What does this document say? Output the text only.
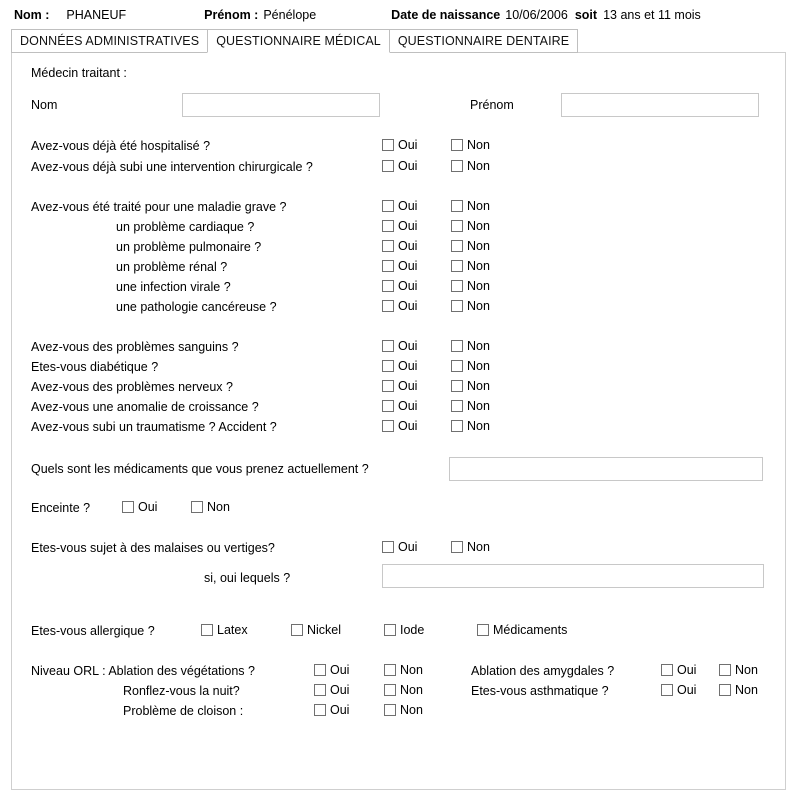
Nom : PHANEUF	Prénom : Pénélope	Date de naissance 10/06/2006 soit 13 ans et 11 mois
DONNÉES ADMINISTRATIVES QUESTIONNAIRE MÉDICAL QUESTIONNAIRE DENTAIRE
Médecin traitant :
Nom	Prénom
Avez-vous déjà été hospitalisé ?	Oui	Non
Avez-vous déjà subi une intervention chirurgicale ?	Oui	Non
Avez-vous été traité pour une maladie grave ?	Oui	Non
un problème cardiaque ?	Oui	Non
un problème pulmonaire ?	Oui	Non
un problème rénal ?	Oui	Non
une infection virale ?	Oui	Non
une pathologie cancéreuse ?	Oui	Non
Avez-vous des problèmes sanguins ?	Oui	Non
Etes-vous diabétique ?	Oui	Non
Avez-vous des problèmes nerveux ?	Oui	Non
Avez-vous une anomalie de croissance ?	Oui	Non
Avez-vous subi un traumatisme ? Accident ?	Oui	Non
Quels sont les médicaments que vous prenez actuellement ?
Enceinte ?	Oui	Non
Etes-vous sujet à des malaises ou vertiges?	Oui	Non
si, oui lequels ?
Etes-vous allergique ?	Latex	Nickel	Iode	Médicaments
Niveau ORL : Ablation des végétations ?	Oui	Non
Ronflez-vous la nuit?	Oui	Non
Problème de cloison :	Oui	Non
Ablation des amygdales ?	Oui	Non
Etes-vous asthmatique ?	Oui	Non
